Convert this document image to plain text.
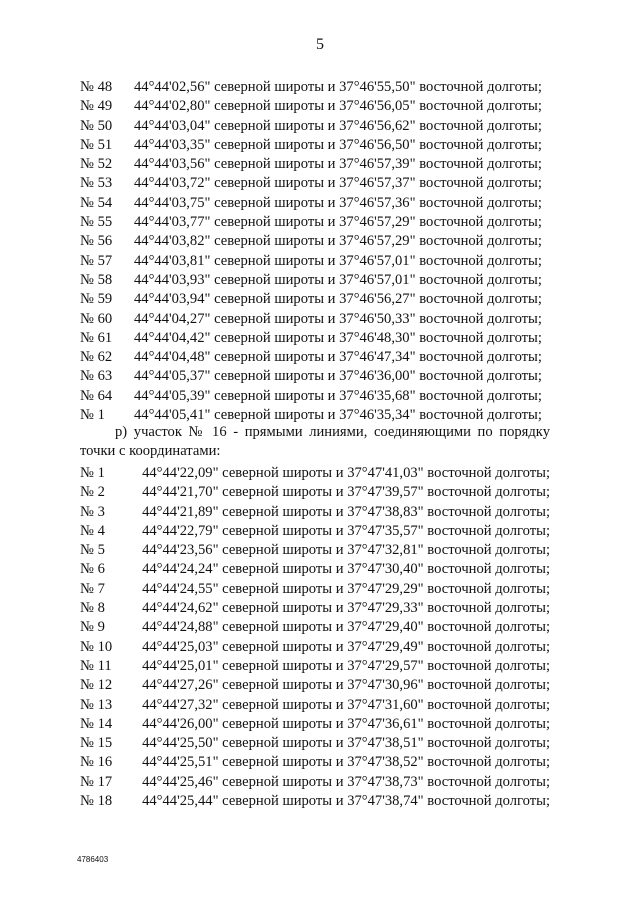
5
№ 48	44°44'02,56" северной широты и 37°46'55,50" восточной долготы;
№ 49	44°44'02,80" северной широты и 37°46'56,05" восточной долготы;
№ 50	44°44'03,04" северной широты и 37°46'56,62" восточной долготы;
№ 51	44°44'03,35" северной широты и 37°46'56,50" восточной долготы;
№ 52	44°44'03,56" северной широты и 37°46'57,39" восточной долготы;
№ 53	44°44'03,72" северной широты и 37°46'57,37" восточной долготы;
№ 54	44°44'03,75" северной широты и 37°46'57,36" восточной долготы;
№ 55	44°44'03,77" северной широты и 37°46'57,29" восточной долготы;
№ 56	44°44'03,82" северной широты и 37°46'57,29" восточной долготы;
№ 57	44°44'03,81" северной широты и 37°46'57,01" восточной долготы;
№ 58	44°44'03,93" северной широты и 37°46'57,01" восточной долготы;
№ 59	44°44'03,94" северной широты и 37°46'56,27" восточной долготы;
№ 60	44°44'04,27" северной широты и 37°46'50,33" восточной долготы;
№ 61	44°44'04,42" северной широты и 37°46'48,30" восточной долготы;
№ 62	44°44'04,48" северной широты и 37°46'47,34" восточной долготы;
№ 63	44°44'05,37" северной широты и 37°46'36,00" восточной долготы;
№ 64	44°44'05,39" северной широты и 37°46'35,68" восточной долготы;
№ 1	44°44'05,41" северной широты и 37°46'35,34" восточной долготы;
р) участок № 16 - прямыми линиями, соединяющими по порядку
точки с координатами:
№ 1	44°44'22,09" северной широты и 37°47'41,03" восточной долготы;
№ 2	44°44'21,70" северной широты и 37°47'39,57" восточной долготы;
№ 3	44°44'21,89" северной широты и 37°47'38,83" восточной долготы;
№ 4	44°44'22,79" северной широты и 37°47'35,57" восточной долготы;
№ 5	44°44'23,56" северной широты и 37°47'32,81" восточной долготы;
№ 6	44°44'24,24" северной широты и 37°47'30,40" восточной долготы;
№ 7	44°44'24,55" северной широты и 37°47'29,29" восточной долготы;
№ 8	44°44'24,62" северной широты и 37°47'29,33" восточной долготы;
№ 9	44°44'24,88" северной широты и 37°47'29,40" восточной долготы;
№ 10	44°44'25,03" северной широты и 37°47'29,49" восточной долготы;
№ 11	44°44'25,01" северной широты и 37°47'29,57" восточной долготы;
№ 12	44°44'27,26" северной широты и 37°47'30,96" восточной долготы;
№ 13	44°44'27,32" северной широты и 37°47'31,60" восточной долготы;
№ 14	44°44'26,00" северной широты и 37°47'36,61" восточной долготы;
№ 15	44°44'25,50" северной широты и 37°47'38,51" восточной долготы;
№ 16	44°44'25,51" северной широты и 37°47'38,52" восточной долготы;
№ 17	44°44'25,46" северной широты и 37°47'38,73" восточной долготы;
№ 18	44°44'25,44" северной широты и 37°47'38,74" восточной долготы;
4786403
